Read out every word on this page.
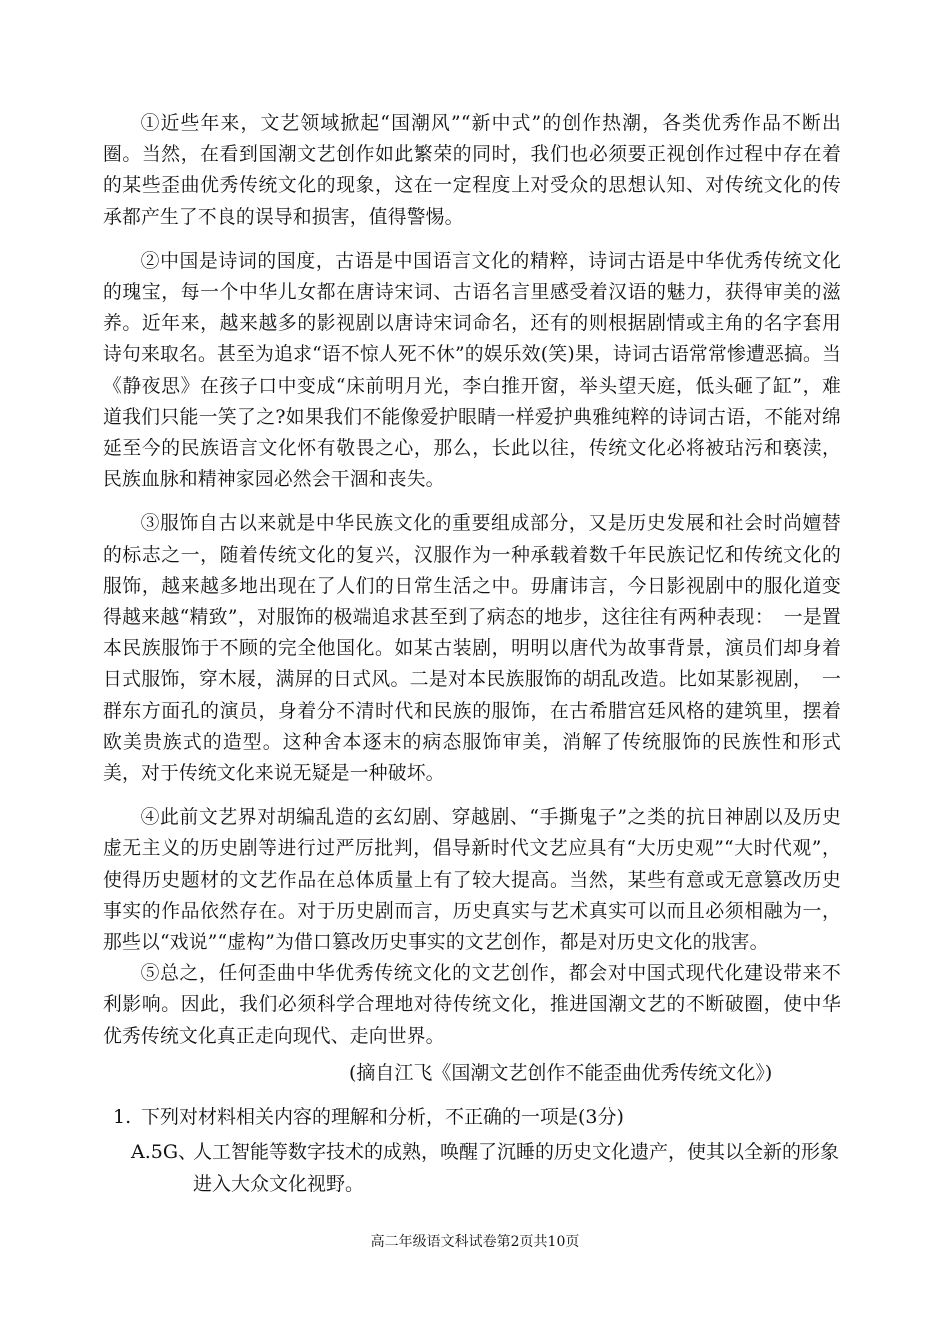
①近些年来，文艺领域掀起“国潮风”“新中式”的创作热潮，各类优秀作品不断出圈。当然，在看到国潮文艺创作如此繁荣的同时，我们也必须要正视创作过程中存在着的某些歪曲优秀传统文化的现象，这在一定程度上对受众的思想认知、对传统文化的传承都产生了不良的误导和损害，值得警惕。

②中国是诗词的国度，古语是中国语言文化的精粹，诗词古语是中华优秀传统文化的瑰宝，每一个中华儿女都在唐诗宋词、古语名言里感受着汉语的魅力，获得审美的滋养。近年来，越来越多的影视剧以唐诗宋词命名，还有的则根据剧情或主角的名字套用诗句来取名。甚至为追求“语不惊人死不休”的娱乐效(笑)果，诗词古语常常惨遭恶搞。当《静夜思》在孩子口中变成“床前明月光，李白推开窗，举头望天庭，低头砸了缸”，难道我们只能一笑了之?如果我们不能像爱护眼睛一样爱护典雅纯粹的诗词古语，不能对绵延至今的民族语言文化怀有敬畏之心，那么，长此以往，传统文化必将被玷污和亵渎，民族血脉和精神家园必然会干涸和丧失。

③服饰自古以来就是中华民族文化的重要组成部分，又是历史发展和社会时尚嬗替的标志之一，随着传统文化的复兴，汉服作为一种承载着数千年民族记忆和传统文化的服饰，越来越多地出现在了人们的日常生活之中。毋庸讳言，今日影视剧中的服化道变得越来越“精致”，对服饰的极端追求甚至到了病态的地步，这往往有两种表现：　一是置本民族服饰于不顾的完全他国化。如某古装剧，明明以唐代为故事背景，演员们却身着日式服饰，穿木屐，满屏的日式风。二是对本民族服饰的胡乱改造。比如某影视剧，　一群东方面孔的演员，身着分不清时代和民族的服饰，在古希腊宫廷风格的建筑里，摆着欧美贵族式的造型。这种舍本逐末的病态服饰审美，消解了传统服饰的民族性和形式美，对于传统文化来说无疑是一种破坏。

④此前文艺界对胡编乱造的玄幻剧、穿越剧、“手撕鬼子”之类的抗日神剧以及历史虚无主义的历史剧等进行过严厉批判，倡导新时代文艺应具有“大历史观”“大时代观”，使得历史题材的文艺作品在总体质量上有了较大提高。当然，某些有意或无意篡改历史事实的作品依然存在。对于历史剧而言，历史真实与艺术真实可以而且必须相融为一，那些以“戏说”“虚构”为借口篡改历史事实的文艺创作，都是对历史文化的戕害。

⑤总之，任何歪曲中华优秀传统文化的文艺创作，都会对中国式现代化建设带来不利影响。因此，我们必须科学合理地对待传统文化，推进国潮文艺的不断破圈，使中华优秀传统文化真正走向现代、走向世界。

(摘自江飞《国潮文艺创作不能歪曲优秀传统文化》)
1. 下列对材料相关内容的理解和分析，不正确的一项是(3分)
A.5G、
人工智能等数字技术的成熟，唤醒了沉睡的历史文化遗产，使其以全新的形象进入大众文化视野。
高二年级语文科试卷第2页共10页
